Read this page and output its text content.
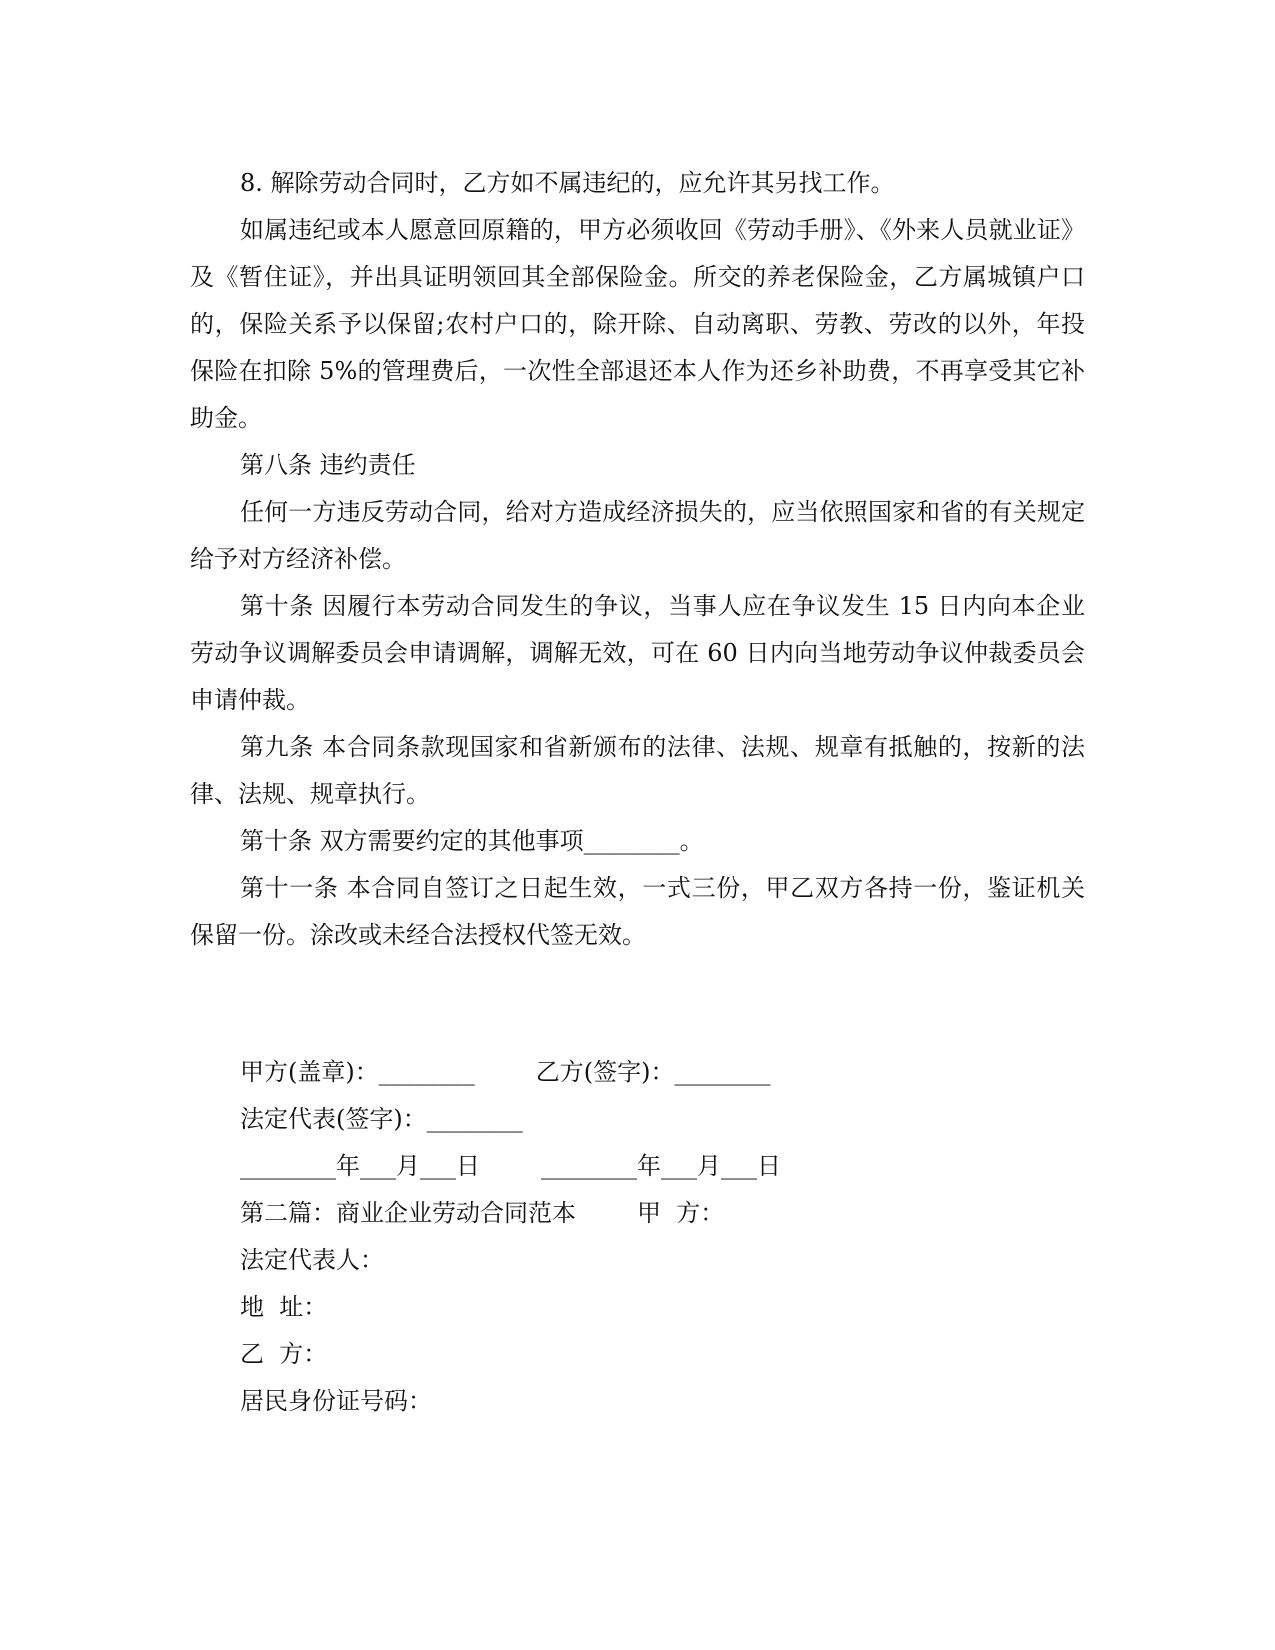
8. 解除劳动合同时，乙方如不属违纪的，应允许其另找工作。

如属违纪或本人愿意回原籍的，甲方必须收回《劳动手册》、《外来人员就业证》及《暂住证》，并出具证明领回其全部保险金。所交的养老保险金，乙方属城镇户口的，保险关系予以保留;农村户口的，除开除、自动离职、劳教、劳改的以外，年投保险在扣除 5%的管理费后，一次性全部退还本人作为还乡补助费，不再享受其它补助金。

第八条 违约责任

任何一方违反劳动合同，给对方造成经济损失的，应当依照国家和省的有关规定给予对方经济补偿。

第十条 因履行本劳动合同发生的争议，当事人应在争议发生 15 日内向本企业劳动争议调解委员会申请调解，调解无效，可在 60 日内向当地劳动争议仲裁委员会申请仲裁。

第九条 本合同条款现国家和省新颁布的法律、法规、规章有抵触的，按新的法律、法规、规章执行。

第十条 双方需要约定的其他事项________。

第十一条 本合同自签订之日起生效，一式三份，甲乙双方各持一份，鉴证机关保留一份。涂改或未经合法授权代签无效。

甲方(盖章)：________        乙方(签字)：________

法定代表(签字)：________

________年___月___日        ________年___月___日

第二篇：商业企业劳动合同范本        甲  方：

法定代表人：

地  址：

乙  方：

居民身份证号码：
